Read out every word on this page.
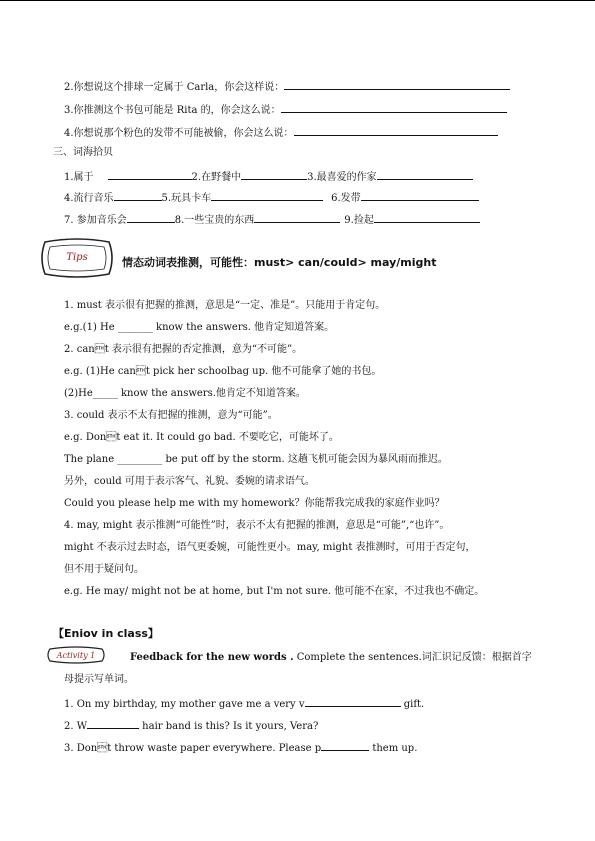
2.你想说这个排球一定属于 Carla，你会这样说：
3.你推测这个书包可能是 Rita 的，你会这么说：
4.你想说那个粉色的发带不可能被偷，你会这么说：
三、词海拾贝
1.属于	2.在野餐中	3.最喜爱的作家
4.流行音乐	5.玩具卡车	6.发带
7. 参加音乐会	8.一些宝贵的东西	9.捡起
Tips	情态动词表推测，可能性：must> can/could> may/might
1. must 表示很有把握的推测，意思是“一定、准是”。只能用于肯定句。
e.g.(1) He _______ know the answers. 他肯定知道答案。
2. cant 表示很有把握的否定推测，意为“不可能”。
e.g. (1)He cant pick her schoolbag up. 他不可能拿了她的书包。
(2)He_____ know the answers.他肯定不知道答案。
3. could 表示不太有把握的推测，意为“可能”。
e.g. Dont eat it. It could go bad. 不要吃它，可能坏了。
The plane _________ be put off by the storm. 这趟飞机可能会因为暴风雨而推迟。
另外，could 可用于表示客气、礼貌、委婉的请求语气。
Could you please help me with my homework？你能帮我完成我的家庭作业吗？
4. may, might 表示推测“可能性”时，表示不太有把握的推测，意思是“可能”,“也许”。
might 不表示过去时态，语气更委婉，可能性更小。may, might 表推测时，可用于否定句，
但不用于疑问句。
e.g. He may/ might not be at home, but I'm not sure. 他可能不在家，不过我也不确定。
【Eniov in class】
Activity 1	Feedback for the new words . Complete the sentences.词汇识记反馈：根据首字
母提示写单词。
1. On my birthday, my mother gave me a very v	gift.
2. W	hair band is this? Is it yours, Vera?
3. Dont throw waste paper everywhere. Please p	them up.
